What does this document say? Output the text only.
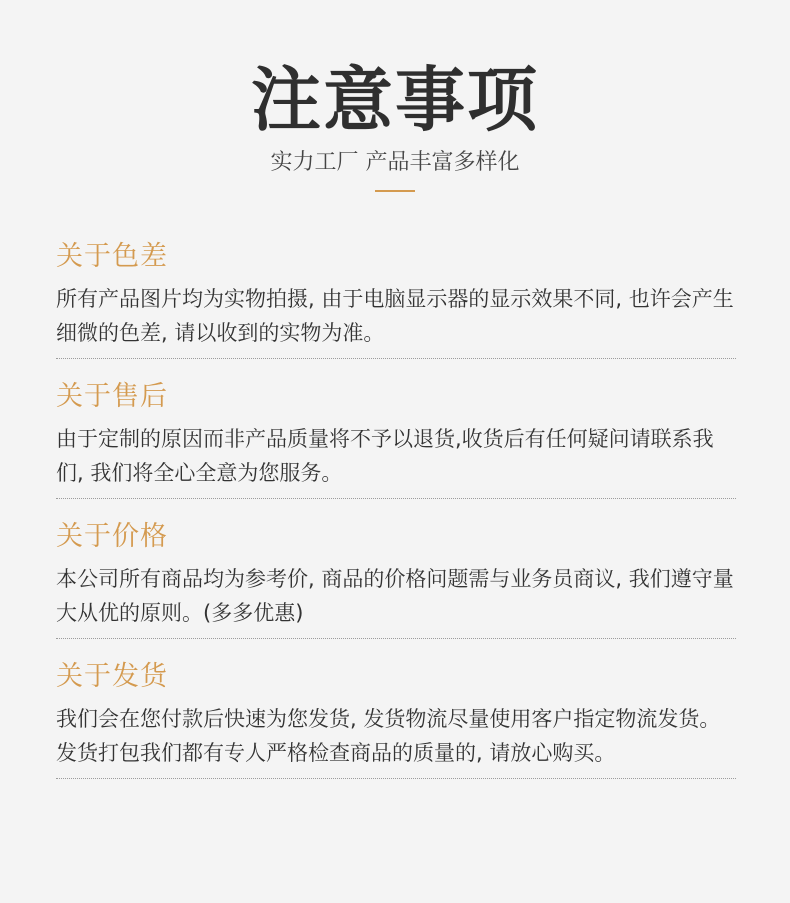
注意事项
实力工厂 产品丰富多样化
关于色差
所有产品图片均为实物拍摄, 由于电脑显示器的显示效果不同, 也许会产生细微的色差, 请以收到的实物为准。
关于售后
由于定制的原因而非产品质量将不予以退货,收货后有任何疑问请联系我们, 我们将全心全意为您服务。
关于价格
本公司所有商品均为参考价, 商品的价格问题需与业务员商议, 我们遵守量大从优的原则。(多多优惠)
关于发货
我们会在您付款后快速为您发货, 发货物流尽量使用客户指定物流发货。发货打包我们都有专人严格检查商品的质量的, 请放心购买。
